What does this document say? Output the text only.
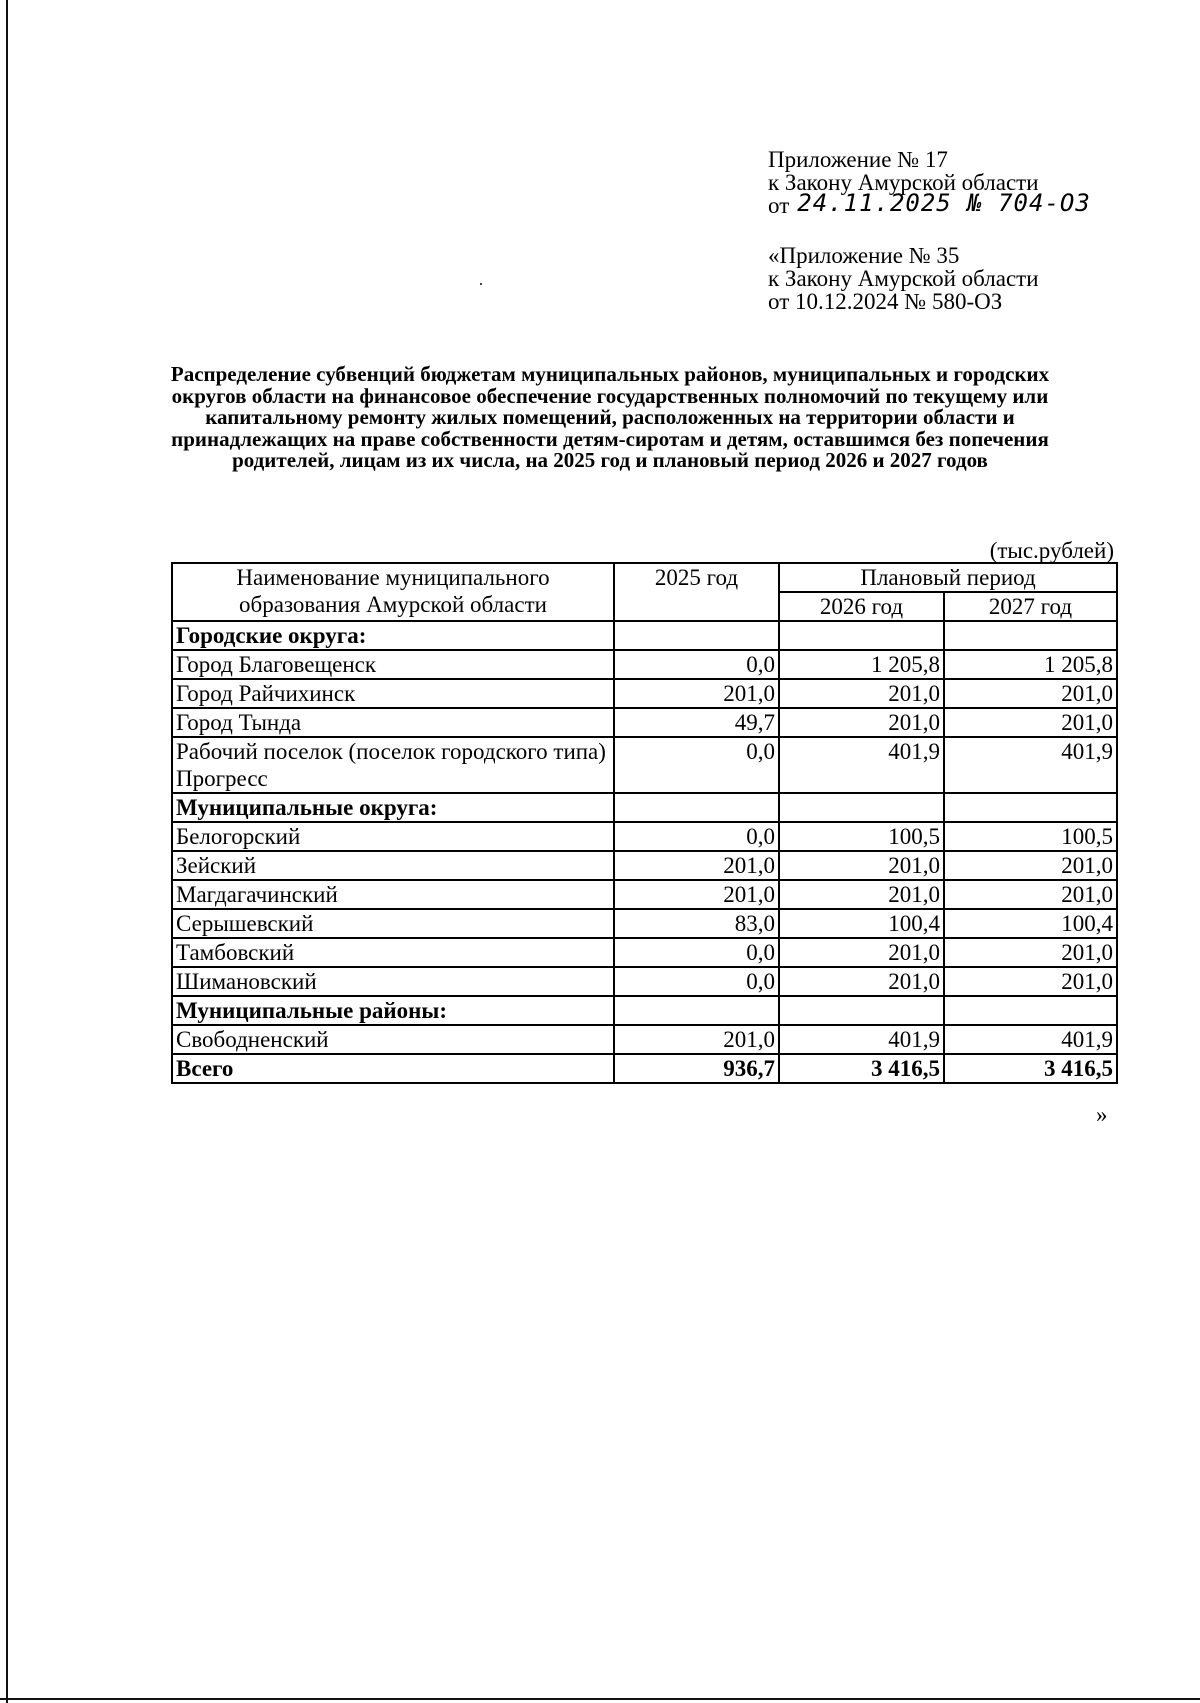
Приложение № 17
к Закону Амурской области
от 24.11.2025 № 704-ОЗ
«Приложение № 35
к Закону Амурской области
от 10.12.2024 № 580-ОЗ
Распределение субвенций бюджетам муниципальных районов, муниципальных и городских округов области на финансовое обеспечение государственных полномочий по текущему или капитальному ремонту жилых помещений, расположенных на территории области и принадлежащих на праве собственности детям-сиротам и детям, оставшимся без попечения родителей, лицам из их числа, на 2025 год и плановый период 2026 и 2027 годов
(тыс.рублей)
Наименование муниципального образования Амурской области	2025 год	Плановый период	
		2026 год	2027 год
Городские округа:			
Город Благовещенск	0,0	1 205,8	1 205,8
Город Райчихинск	201,0	201,0	201,0
Город Тында	49,7	201,0	201,0
Рабочий поселок (поселок городского типа) Прогресс	0,0	401,9	401,9
Муниципальные округа:			
Белогорский	0,0	100,5	100,5
Зейский	201,0	201,0	201,0
Магдагачинский	201,0	201,0	201,0
Серышевский	83,0	100,4	100,4
Тамбовский	0,0	201,0	201,0
Шимановский	0,0	201,0	201,0
Муниципальные районы:			
Свободненский	201,0	401,9	401,9
Всего	936,7	3 416,5	3 416,5
»
